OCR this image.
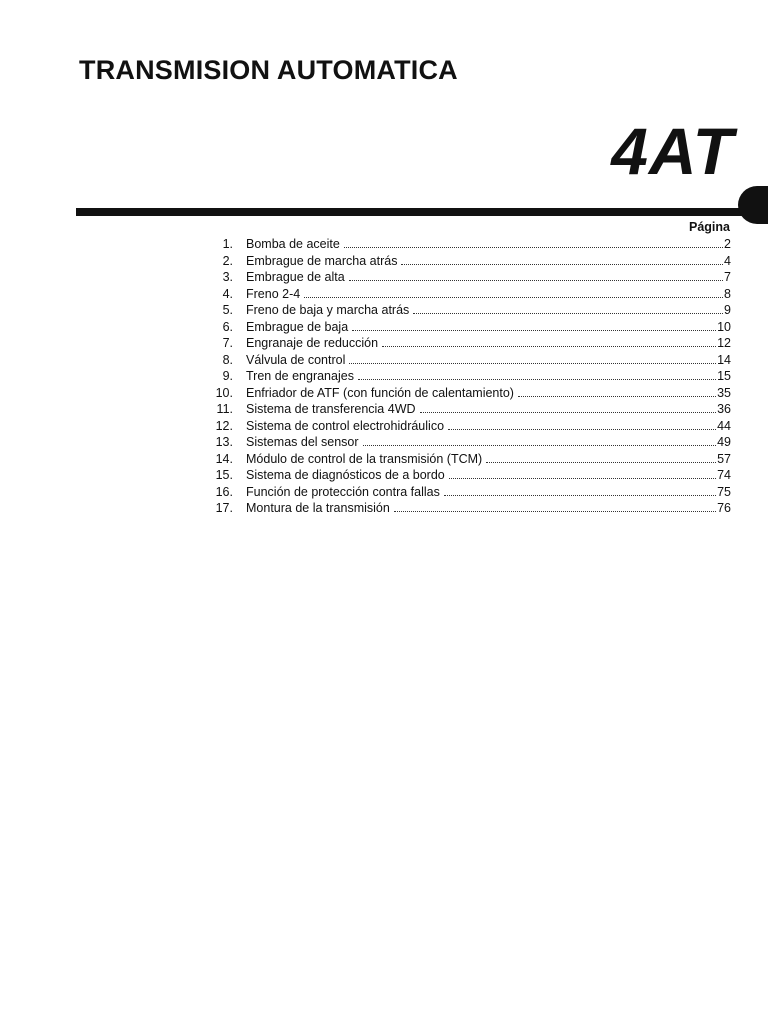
TRANSMISION AUTOMATICA
4AT
Página
1. Bomba de aceite	2
2. Embrague de marcha atrás	4
3. Embrague de alta	7
4. Freno 2-4	8
5. Freno de baja y marcha atrás	9
6. Embrague de baja	10
7. Engranaje de reducción	12
8. Válvula de control	14
9. Tren de engranajes	15
10. Enfriador de ATF (con función de calentamiento)	35
11. Sistema de transferencia 4WD	36
12. Sistema de control electrohidráulico	44
13. Sistemas del sensor	49
14. Módulo de control de la transmisión (TCM)	57
15. Sistema de diagnósticos de a bordo	74
16. Función de protección contra fallas	75
17. Montura de la transmisión	76
